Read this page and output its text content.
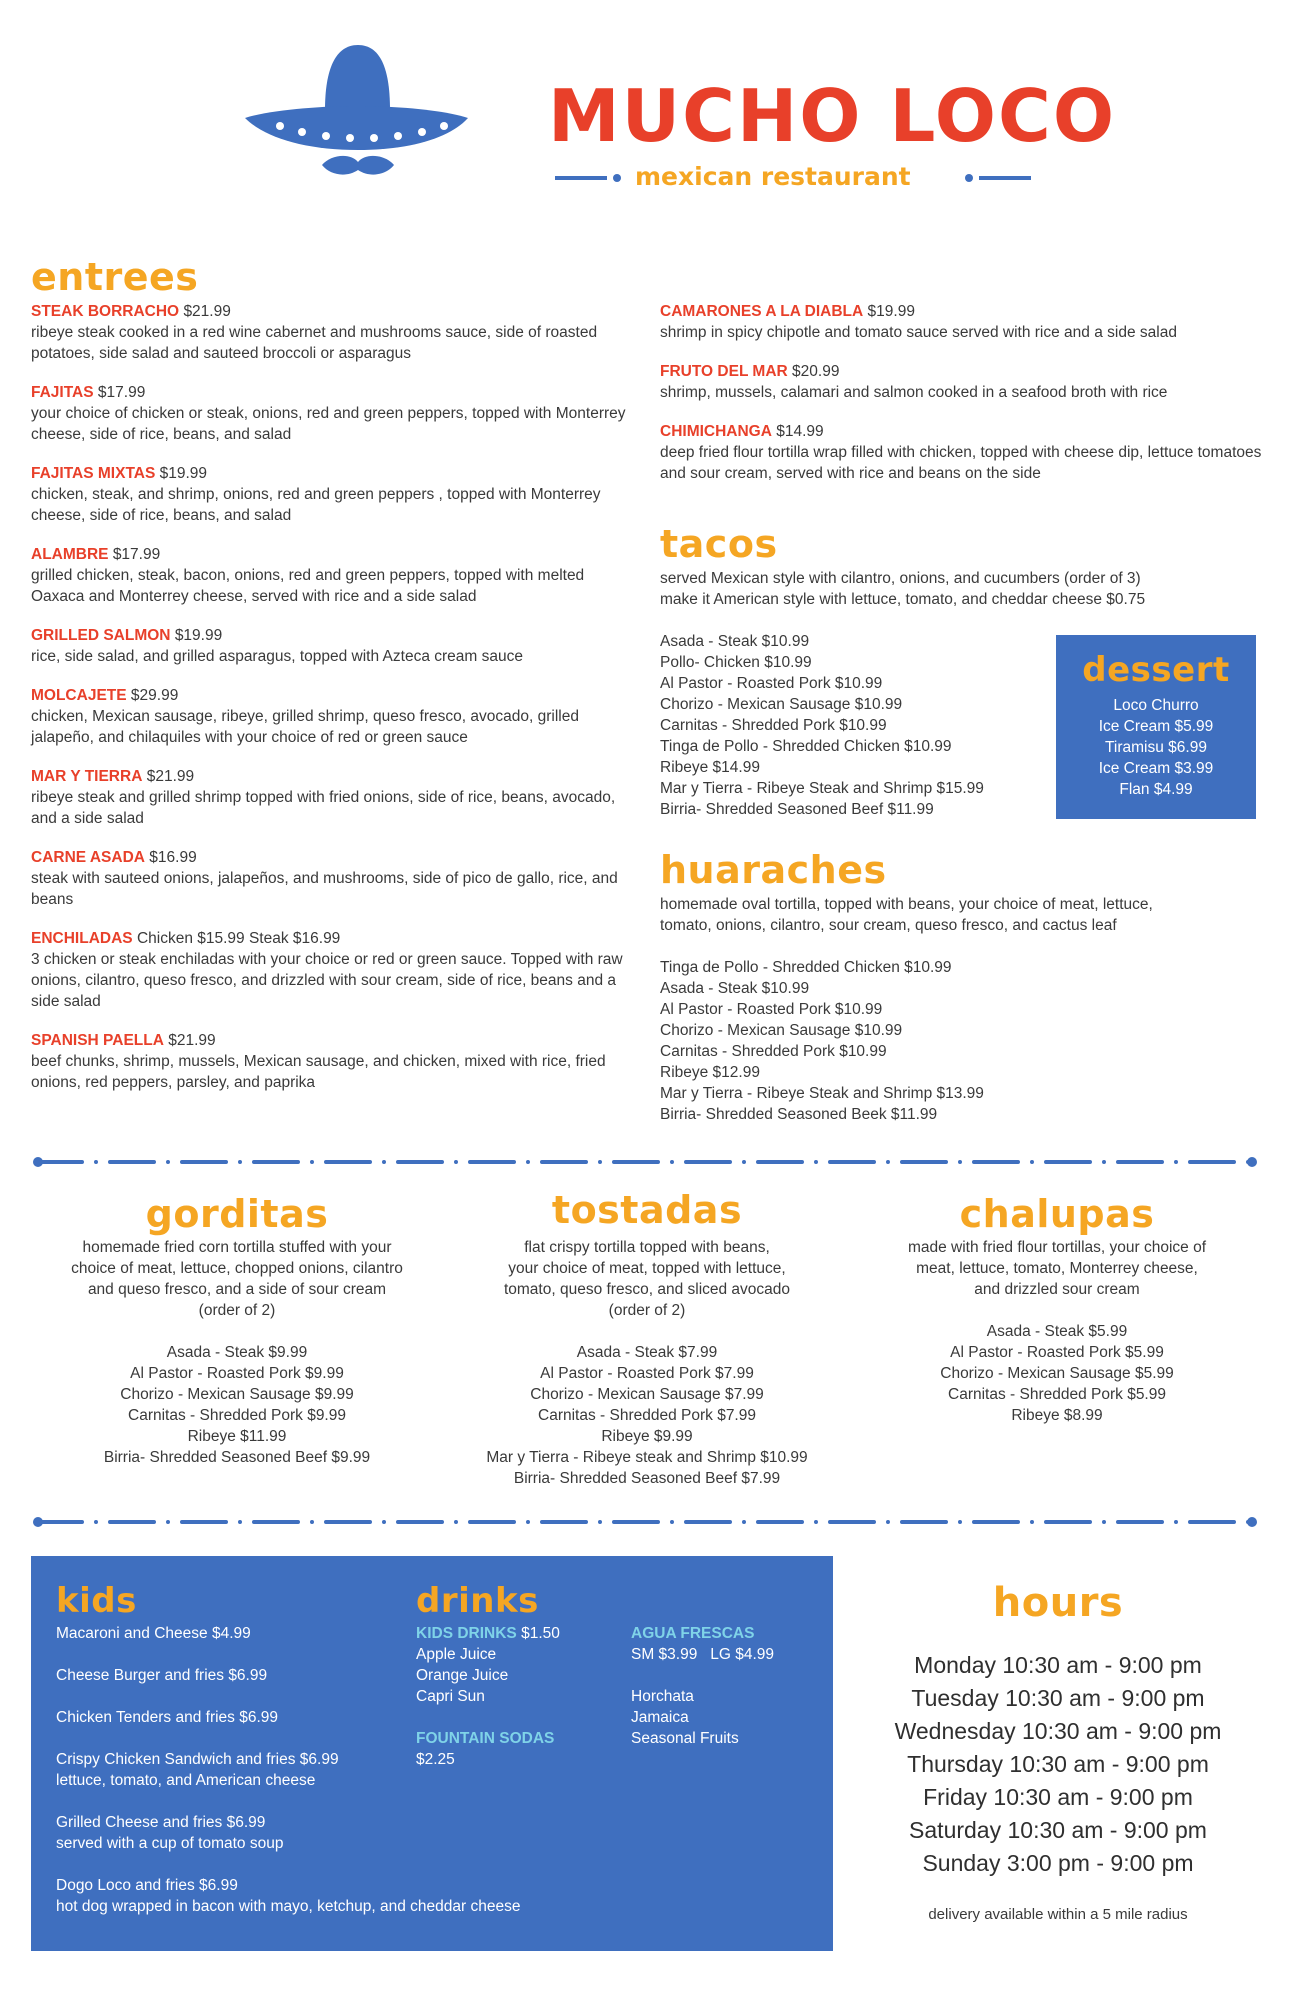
MUCHO LOCO
mexican restaurant
entrees
STEAK BORRACHO $21.99
ribeye steak cooked in a red wine cabernet and mushrooms sauce, side of roasted potatoes, side salad and sauteed broccoli or asparagus
FAJITAS $17.99
your choice of chicken or steak, onions, red and green peppers, topped with Monterrey cheese, side of rice, beans, and salad
FAJITAS MIXTAS $19.99
chicken, steak, and shrimp, onions, red and green peppers , topped with Monterrey cheese, side of rice, beans, and salad
ALAMBRE $17.99
grilled chicken, steak, bacon, onions, red and green peppers, topped with melted Oaxaca and Monterrey cheese, served with rice and a side salad
GRILLED SALMON $19.99
rice, side salad, and grilled asparagus, topped with Azteca cream sauce
MOLCAJETE $29.99
chicken, Mexican sausage, ribeye, grilled shrimp, queso fresco, avocado, grilled jalapeño, and chilaquiles with your choice of red or green sauce
MAR Y TIERRA $21.99
ribeye steak and grilled shrimp topped with fried onions, side of rice, beans, avocado, and a side salad
CARNE ASADA $16.99
steak with sauteed onions, jalapeños, and mushrooms, side of pico de gallo, rice, and beans
ENCHILADAS Chicken $15.99 Steak $16.99
3 chicken or steak enchiladas with your choice or red or green sauce. Topped with raw onions, cilantro, queso fresco, and drizzled with sour cream, side of rice, beans and a side salad
SPANISH PAELLA $21.99
beef chunks, shrimp, mussels, Mexican sausage, and chicken, mixed with rice, fried onions, red peppers, parsley, and paprika
CAMARONES A LA DIABLA $19.99
shrimp in spicy chipotle and tomato sauce served with rice and a side salad
FRUTO DEL MAR $20.99
shrimp, mussels, calamari and salmon cooked in a seafood broth with rice
CHIMICHANGA $14.99
deep fried flour tortilla wrap filled with chicken, topped with cheese dip, lettuce tomatoes and sour cream, served with rice and beans on the side
tacos
served Mexican style with cilantro, onions, and cucumbers (order of 3)
make it American style with lettuce, tomato, and cheddar cheese $0.75
Asada - Steak $10.99
Pollo- Chicken $10.99
Al Pastor - Roasted Pork $10.99
Chorizo - Mexican Sausage $10.99
Carnitas - Shredded Pork $10.99
Tinga de Pollo - Shredded Chicken $10.99
Ribeye $14.99
Mar y Tierra - Ribeye Steak and Shrimp $15.99
Birria- Shredded Seasoned Beef $11.99
dessert
Loco Churro
Ice Cream $5.99
Tiramisu $6.99
Ice Cream $3.99
Flan $4.99
huaraches
homemade oval tortilla, topped with beans, your choice of meat, lettuce,
tomato, onions, cilantro, sour cream, queso fresco, and cactus leaf
Tinga de Pollo - Shredded Chicken $10.99
Asada - Steak $10.99
Al Pastor - Roasted Pork $10.99
Chorizo - Mexican Sausage $10.99
Carnitas - Shredded Pork $10.99
Ribeye $12.99
Mar y Tierra - Ribeye Steak and Shrimp $13.99
Birria- Shredded Seasoned Beek $11.99
gorditas
homemade fried corn tortilla stuffed with your
choice of meat, lettuce, chopped onions, cilantro
and queso fresco, and a side of sour cream
(order of 2)
Asada - Steak $9.99
Al Pastor - Roasted Pork $9.99
Chorizo - Mexican Sausage $9.99
Carnitas - Shredded Pork $9.99
Ribeye $11.99
Birria- Shredded Seasoned Beef $9.99
tostadas
flat crispy tortilla topped with beans,
your choice of meat, topped with lettuce,
tomato, queso fresco, and sliced avocado
(order of 2)
Asada - Steak $7.99
Al Pastor - Roasted Pork $7.99
Chorizo - Mexican Sausage $7.99
Carnitas - Shredded Pork $7.99
Ribeye $9.99
Mar y Tierra - Ribeye steak and Shrimp $10.99
Birria- Shredded Seasoned Beef $7.99
chalupas
made with fried flour tortillas, your choice of
meat, lettuce, tomato, Monterrey cheese,
and drizzled sour cream
Asada - Steak $5.99
Al Pastor - Roasted Pork $5.99
Chorizo - Mexican Sausage $5.99
Carnitas - Shredded Pork $5.99
Ribeye $8.99
kids
Macaroni and Cheese $4.99
Cheese Burger and fries $6.99
Chicken Tenders and fries $6.99
Crispy Chicken Sandwich and fries $6.99
lettuce, tomato, and American cheese
Grilled Cheese and fries $6.99
served with a cup of tomato soup
Dogo Loco and fries $6.99
hot dog wrapped in bacon with mayo, ketchup, and cheddar cheese
drinks
KIDS DRINKS $1.50
Apple Juice
Orange Juice
Capri Sun
FOUNTAIN SODAS
$2.25
AGUA FRESCAS
SM $3.99   LG $4.99
Horchata
Jamaica
Seasonal Fruits
hours
Monday 10:30 am - 9:00 pm
Tuesday 10:30 am - 9:00 pm
Wednesday 10:30 am - 9:00 pm
Thursday 10:30 am - 9:00 pm
Friday 10:30 am - 9:00 pm
Saturday 10:30 am - 9:00 pm
Sunday 3:00 pm - 9:00 pm
delivery available within a 5 mile radius
